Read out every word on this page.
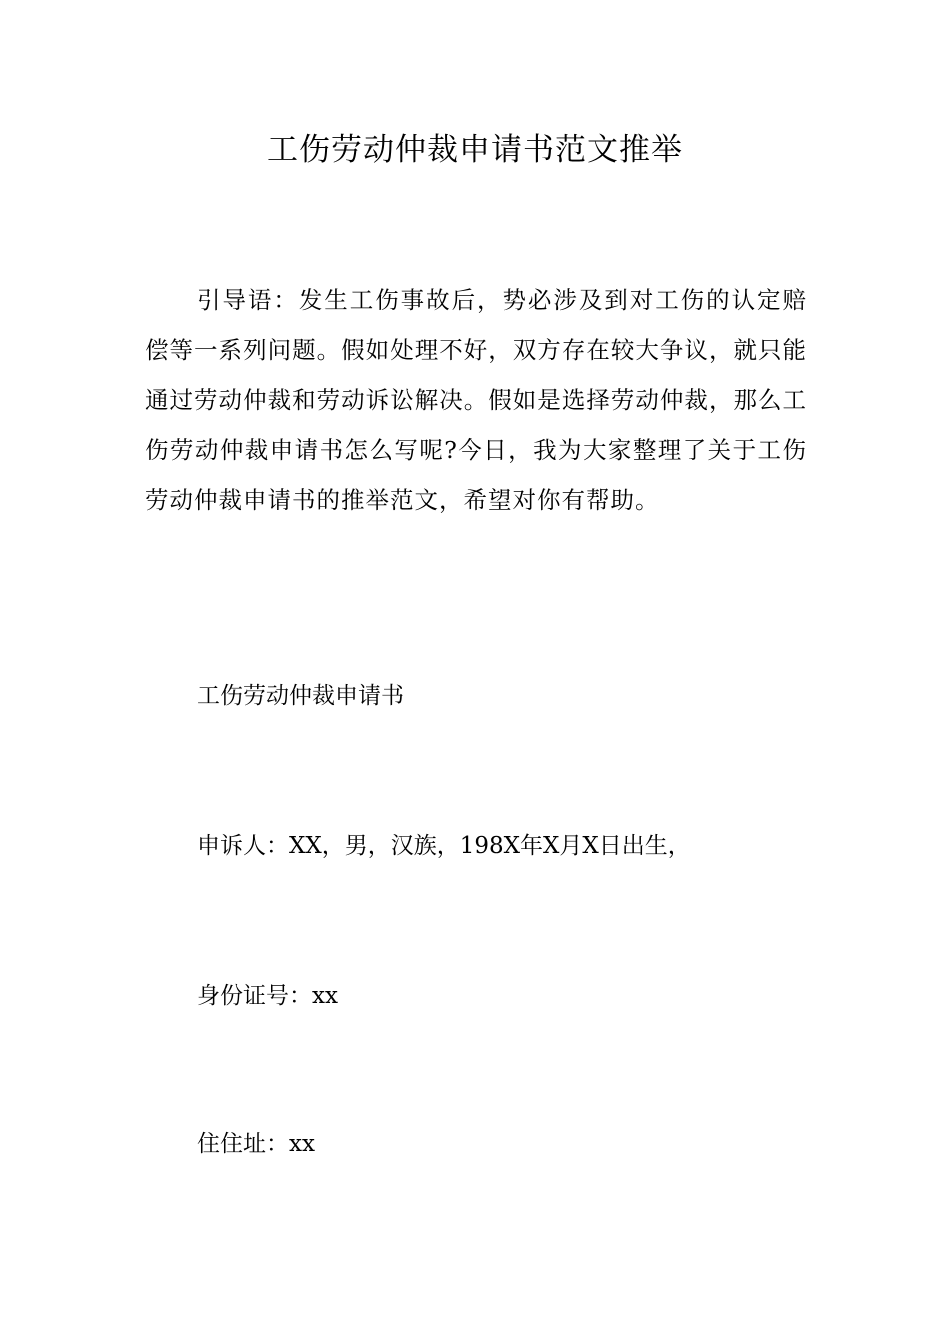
工伤劳动仲裁申请书范文推举

引导语：发生工伤事故后，势必涉及到对工伤的认定赔偿等一系列问题。假如处理不好，双方存在较大争议，就只能通过劳动仲裁和劳动诉讼解决。假如是选择劳动仲裁，那么工伤劳动仲裁申请书怎么写呢?今日，我为大家整理了关于工伤劳动仲裁申请书的推举范文，希望对你有帮助。

工伤劳动仲裁申请书

申诉人：XX，男，汉族，198X年X月X日出生，

身份证号：xx

住住址：xx
